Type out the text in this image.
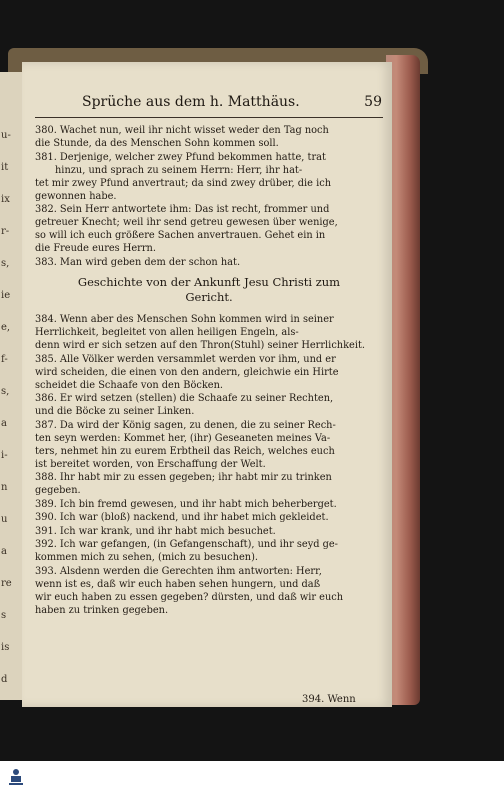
u-
it
ix
r-
s,
ie
e,
f-
s,
a
i-
n
u
a
re
s
is
d
Sprüche aus dem h. Matthäus.	59
380. Wachet nun, weil ihr nicht wisset weder den Tag noch
die Stunde, da des Menschen Sohn kommen soll.
381. Derjenige, welcher zwey Pfund bekommen hatte, trat
hinzu, und sprach zu seinem Herrn: Herr, ihr hat-
tet mir zwey Pfund anvertraut; da sind zwey drüber, die ich
gewonnen habe.
382. Sein Herr antwortete ihm: Das ist recht, frommer und
getreuer Knecht; weil ihr send getreu gewesen über wenige,
so will ich euch größere Sachen anvertrauen. Gehet ein in
die Freude eures Herrn.
383. Man wird geben dem der schon hat.
Geschichte von der Ankunft Jesu Christi zum
Gericht.
384. Wenn aber des Menschen Sohn kommen wird in seiner
Herrlichkeit, begleitet von allen heiligen Engeln, als-
denn wird er sich setzen auf den Thron(Stuhl) seiner Herrlichkeit.
385. Alle Völker werden versammlet werden vor ihm, und er
wird scheiden, die einen von den andern, gleichwie ein Hirte
scheidet die Schaafe von den Böcken.
386. Er wird setzen (stellen) die Schaafe zu seiner Rechten,
und die Böcke zu seiner Linken.
387. Da wird der König sagen, zu denen, die zu seiner Rech-
ten seyn werden: Kommet her, (ihr) Geseaneten meines Va-
ters, nehmet hin zu eurem Erbtheil das Reich, welches euch
ist bereitet worden, von Erschaffung der Welt.
388. Ihr habt mir zu essen gegeben; ihr habt mir zu trinken
gegeben.
389. Ich bin fremd gewesen, und ihr habt mich beherberget.
390. Ich war (bloß) nackend, und ihr habet mich gekleidet.
391. Ich war krank, und ihr habt mich besuchet.
392. Ich war gefangen, (in Gefangenschaft), und ihr seyd ge-
kommen mich zu sehen, (mich zu besuchen).
393. Alsdenn werden die Gerechten ihm antworten: Herr,
wenn ist es, daß wir euch haben sehen hungern, und daß
wir euch haben zu essen gegeben? dürsten, und daß wir euch
haben zu trinken gegeben.
394. Wenn
